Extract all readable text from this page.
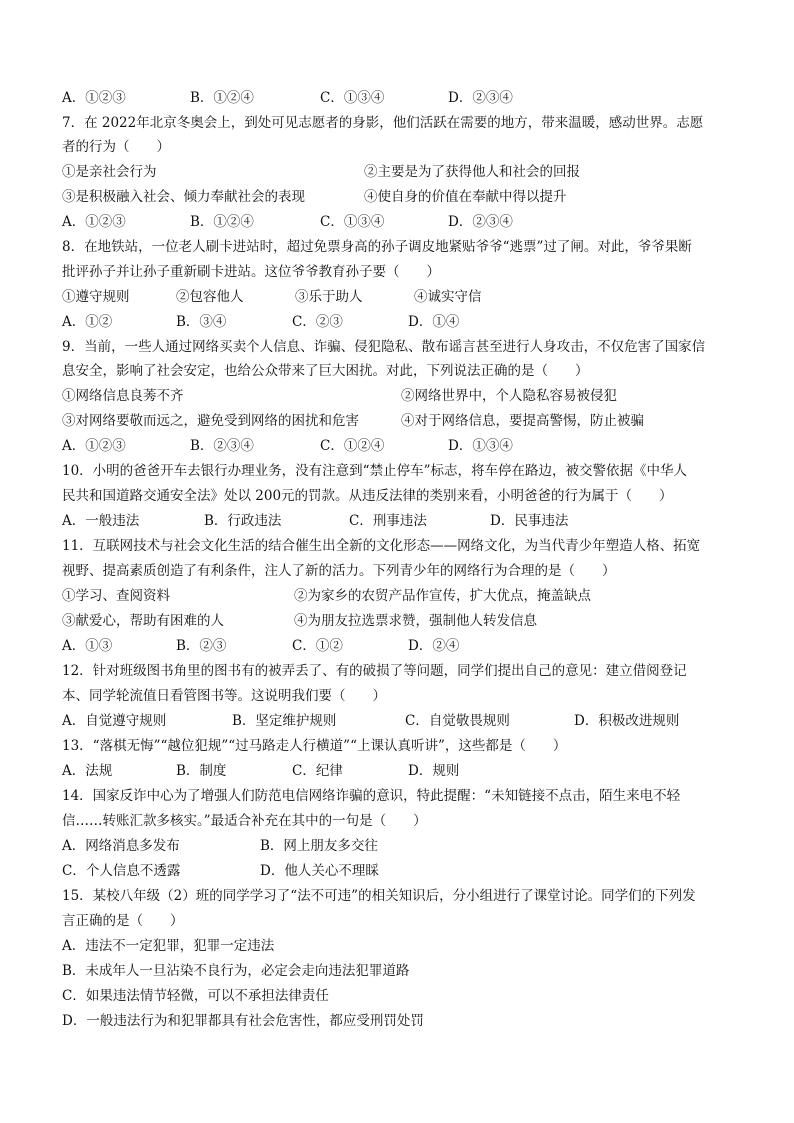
A．①②③	B．①②④	C．①③④	D．②③④
7．在 2022年北京冬奥会上，到处可见志愿者的身影，他们活跃在需要的地方，带来温暖，感动世界。志愿
者的行为（　　）
①是亲社会行为	②主要是为了获得他人和社会的回报
③是积极融入社会、倾力奉献社会的表现	④使自身的价值在奉献中得以提升
A．①②③	B．①②④	C．①③④	D．②③④
8．在地铁站，一位老人刷卡进站时，超过免票身高的孙子调皮地紧贴爷爷“逃票”过了闸。对此，爷爷果断
批评孙子并让孙子重新刷卡进站。这位爷爷教育孙子要（　　）
①遵守规则	②包容他人	③乐于助人	④诚实守信
A．①②	B．③④	C．②③	D．①④
9．当前，一些人通过网络买卖个人信息、诈骗、侵犯隐私、散布谣言甚至进行人身攻击，不仅危害了国家信
息安全，影响了社会安定，也给公众带来了巨大困扰。对此，下列说法正确的是（　　）
①网络信息良莠不齐	②网络世界中，个人隐私容易被侵犯
③对网络要敬而远之，避免受到网络的困扰和危害	④对于网络信息，要提高警惕，防止被骗
A．①②③	B．②③④	C．①②④	D．①③④
10．小明的爸爸开车去银行办理业务，没有注意到“禁止停车”标志，将车停在路边，被交警依据《中华人
民共和国道路交通安全法》处以 200元的罚款。从违反法律的类别来看，小明爸爸的行为属于（　　）
A．一般违法	B．行政违法	C．刑事违法	D．民事违法
11．互联网技术与社会文化生活的结合催生出全新的文化形态——网络文化，为当代青少年塑造人格、拓宽
视野、提高素质创造了有利条件，注人了新的活力。下列青少年的网络行为合理的是（　　）
①学习、查阅资料	②为家乡的农贸产品作宣传，扩大优点，掩盖缺点
③献爱心，帮助有困难的人	④为朋友拉选票求赞，强制他人转发信息
A．①③	B．②③	C．①②	D．②④
12．针对班级图书角里的图书有的被弄丢了、有的破损了等问题，同学们提出自己的意见：建立借阅登记
本、同学轮流值日看管图书等。这说明我们要（　　）
A．自觉遵守规则	B．坚定维护规则	C．自觉敬畏规则	D．积极改进规则
13．“落棋无悔”“越位犯规”“过马路走人行横道”“上课认真听讲”，这些都是（　　）
A．法规	B．制度	C．纪律	D．规则
14．国家反诈中心为了增强人们防范电信网络诈骗的意识，特此提醒：“未知链接不点击，陌生来电不轻
信……转账汇款多核实。”最适合补充在其中的一句是（　　）
A．网络消息多发布	B．网上朋友多交往
C．个人信息不透露	D．他人关心不理睬
15．某校八年级（2）班的同学学习了“法不可违”的相关知识后，分小组进行了课堂讨论。同学们的下列发
言正确的是（　　）
A．违法不一定犯罪，犯罪一定违法
B．未成年人一旦沾染不良行为，必定会走向违法犯罪道路
C．如果违法情节轻微，可以不承担法律责任
D．一般违法行为和犯罪都具有社会危害性，都应受刑罚处罚
